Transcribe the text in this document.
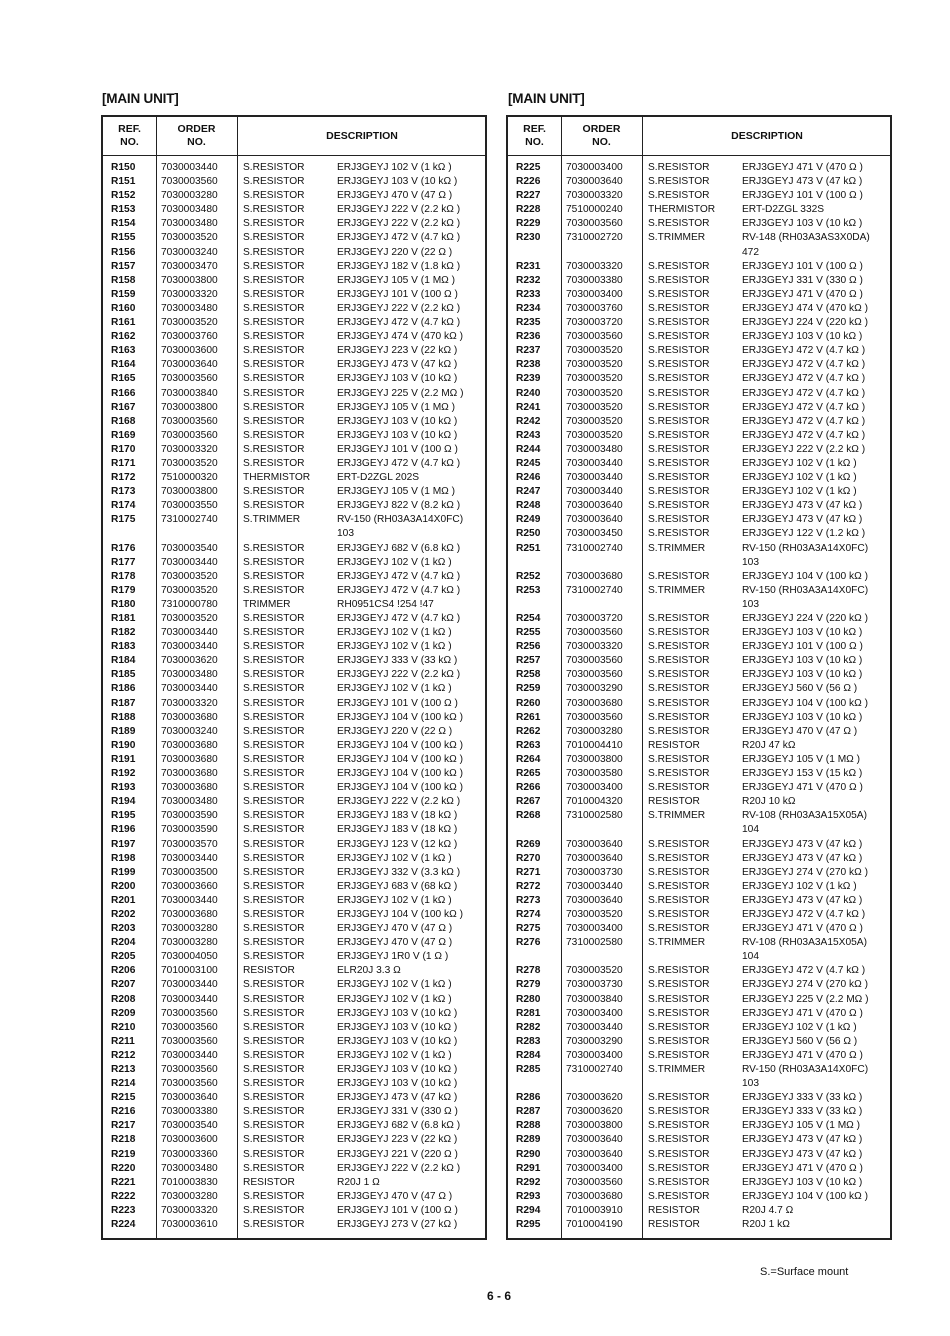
[MAIN UNIT]	[MAIN UNIT]
REF.
NO.
ORDER
NO.
DESCRIPTION
R150	7030003440 S.RESISTOR	ERJ3GEYJ 102 V (1 kΩ )
R151	7030003560 S.RESISTOR	ERJ3GEYJ 103 V (10 kΩ )
R152	7030003280 S.RESISTOR	ERJ3GEYJ 470 V (47 Ω )
R153	7030003480 S.RESISTOR	ERJ3GEYJ 222 V (2.2 kΩ )
R154	7030003480 S.RESISTOR	ERJ3GEYJ 222 V (2.2 kΩ )
R155	7030003520 S.RESISTOR	ERJ3GEYJ 472 V (4.7 kΩ )
R156	7030003240 S.RESISTOR	ERJ3GEYJ 220 V (22 Ω )
R157	7030003470 S.RESISTOR	ERJ3GEYJ 182 V (1.8 kΩ )
R158	7030003800 S.RESISTOR	ERJ3GEYJ 105 V (1 MΩ )
R159	7030003320 S.RESISTOR	ERJ3GEYJ 101 V (100 Ω )
R160	7030003480 S.RESISTOR	ERJ3GEYJ 222 V (2.2 kΩ )
R161	7030003520 S.RESISTOR	ERJ3GEYJ 472 V (4.7 kΩ )
R162	7030003760 S.RESISTOR	ERJ3GEYJ 474 V (470 kΩ )
R163	7030003600 S.RESISTOR	ERJ3GEYJ 223 V (22 kΩ )
R164	7030003640 S.RESISTOR	ERJ3GEYJ 473 V (47 kΩ )
R165	7030003560 S.RESISTOR	ERJ3GEYJ 103 V (10 kΩ )
R166	7030003840 S.RESISTOR	ERJ3GEYJ 225 V (2.2 MΩ )
R167	7030003800 S.RESISTOR	ERJ3GEYJ 105 V (1 MΩ )
R168	7030003560 S.RESISTOR	ERJ3GEYJ 103 V (10 kΩ )
R169	7030003560 S.RESISTOR	ERJ3GEYJ 103 V (10 kΩ )
R170	7030003320 S.RESISTOR	ERJ3GEYJ 101 V (100 Ω )
R171	7030003520 S.RESISTOR	ERJ3GEYJ 472 V (4.7 kΩ )
R172	7510000320 THERMISTOR	ERT-D2ZGL 202S
R173	7030003800 S.RESISTOR	ERJ3GEYJ 105 V (1 MΩ )
R174	7030003550 S.RESISTOR	ERJ3GEYJ 822 V (8.2 kΩ )
R175	7310002740 S.TRIMMER	RV-150 (RH03A3A14X0FC)
103
R176	7030003540 S.RESISTOR	ERJ3GEYJ 682 V (6.8 kΩ )
R177	7030003440 S.RESISTOR	ERJ3GEYJ 102 V (1 kΩ )
R178	7030003520 S.RESISTOR	ERJ3GEYJ 472 V (4.7 kΩ )
R179	7030003520 S.RESISTOR	ERJ3GEYJ 472 V (4.7 kΩ )
R180	7310000780 TRIMMER	RH0951CS4 !254 !47
R181	7030003520 S.RESISTOR	ERJ3GEYJ 472 V (4.7 kΩ )
R182	7030003440 S.RESISTOR	ERJ3GEYJ 102 V (1 kΩ )
R183	7030003440 S.RESISTOR	ERJ3GEYJ 102 V (1 kΩ )
R184	7030003620 S.RESISTOR	ERJ3GEYJ 333 V (33 kΩ )
R185	7030003480 S.RESISTOR	ERJ3GEYJ 222 V (2.2 kΩ )
R186	7030003440 S.RESISTOR	ERJ3GEYJ 102 V (1 kΩ )
R187	7030003320 S.RESISTOR	ERJ3GEYJ 101 V (100 Ω )
R188	7030003680 S.RESISTOR	ERJ3GEYJ 104 V (100 kΩ )
R189	7030003240 S.RESISTOR	ERJ3GEYJ 220 V (22 Ω )
R190	7030003680 S.RESISTOR	ERJ3GEYJ 104 V (100 kΩ )
R191	7030003680 S.RESISTOR	ERJ3GEYJ 104 V (100 kΩ )
R192	7030003680 S.RESISTOR	ERJ3GEYJ 104 V (100 kΩ )
R193	7030003680 S.RESISTOR	ERJ3GEYJ 104 V (100 kΩ )
R194	7030003480 S.RESISTOR	ERJ3GEYJ 222 V (2.2 kΩ )
R195	7030003590 S.RESISTOR	ERJ3GEYJ 183 V (18 kΩ )
R196	7030003590 S.RESISTOR	ERJ3GEYJ 183 V (18 kΩ )
R197	7030003570 S.RESISTOR	ERJ3GEYJ 123 V (12 kΩ )
R198	7030003440 S.RESISTOR	ERJ3GEYJ 102 V (1 kΩ )
R199	7030003500 S.RESISTOR	ERJ3GEYJ 332 V (3.3 kΩ )
R200	7030003660 S.RESISTOR	ERJ3GEYJ 683 V (68 kΩ )
R201	7030003440 S.RESISTOR	ERJ3GEYJ 102 V (1 kΩ )
R202	7030003680 S.RESISTOR	ERJ3GEYJ 104 V (100 kΩ )
R203	7030003280 S.RESISTOR	ERJ3GEYJ 470 V (47 Ω )
R204	7030003280 S.RESISTOR	ERJ3GEYJ 470 V (47 Ω )
R205	7030004050 S.RESISTOR	ERJ3GEYJ 1R0 V (1 Ω )
R206	7010003100 RESISTOR	ELR20J 3.3 Ω
R207	7030003440 S.RESISTOR	ERJ3GEYJ 102 V (1 kΩ )
R208	7030003440 S.RESISTOR	ERJ3GEYJ 102 V (1 kΩ )
R209	7030003560 S.RESISTOR	ERJ3GEYJ 103 V (10 kΩ )
R210	7030003560 S.RESISTOR	ERJ3GEYJ 103 V (10 kΩ )
R211	7030003560 S.RESISTOR	ERJ3GEYJ 103 V (10 kΩ )
R212	7030003440 S.RESISTOR	ERJ3GEYJ 102 V (1 kΩ )
R213	7030003560 S.RESISTOR	ERJ3GEYJ 103 V (10 kΩ )
R214	7030003560 S.RESISTOR	ERJ3GEYJ 103 V (10 kΩ )
R215	7030003640 S.RESISTOR	ERJ3GEYJ 473 V (47 kΩ )
R216	7030003380 S.RESISTOR	ERJ3GEYJ 331 V (330 Ω )
R217	7030003540 S.RESISTOR	ERJ3GEYJ 682 V (6.8 kΩ )
R218	7030003600 S.RESISTOR	ERJ3GEYJ 223 V (22 kΩ )
R219	7030003360 S.RESISTOR	ERJ3GEYJ 221 V (220 Ω )
R220	7030003480 S.RESISTOR	ERJ3GEYJ 222 V (2.2 kΩ )
R221	7010003830 RESISTOR	R20J 1 Ω
R222	7030003280 S.RESISTOR	ERJ3GEYJ 470 V (47 Ω )
R223	7030003320 S.RESISTOR	ERJ3GEYJ 101 V (100 Ω )
R224	7030003610 S.RESISTOR	ERJ3GEYJ 273 V (27 kΩ )
REF.
NO.
ORDER
NO.
DESCRIPTION
R225	7030003400 S.RESISTOR	ERJ3GEYJ 471 V (470 Ω )
R226	7030003640 S.RESISTOR	ERJ3GEYJ 473 V (47 kΩ )
R227	7030003320 S.RESISTOR	ERJ3GEYJ 101 V (100 Ω )
R228	7510000240 THERMISTOR	ERT-D2ZGL 332S
R229	7030003560 S.RESISTOR	ERJ3GEYJ 103 V (10 kΩ )
R230	7310002720 S.TRIMMER	RV-148 (RH03A3AS3X0DA)
472
R231	7030003320 S.RESISTOR	ERJ3GEYJ 101 V (100 Ω )
R232	7030003380 S.RESISTOR	ERJ3GEYJ 331 V (330 Ω )
R233	7030003400 S.RESISTOR	ERJ3GEYJ 471 V (470 Ω )
R234	7030003760 S.RESISTOR	ERJ3GEYJ 474 V (470 kΩ )
R235	7030003720 S.RESISTOR	ERJ3GEYJ 224 V (220 kΩ )
R236	7030003560 S.RESISTOR	ERJ3GEYJ 103 V (10 kΩ )
R237	7030003520 S.RESISTOR	ERJ3GEYJ 472 V (4.7 kΩ )
R238	7030003520 S.RESISTOR	ERJ3GEYJ 472 V (4.7 kΩ )
R239	7030003520 S.RESISTOR	ERJ3GEYJ 472 V (4.7 kΩ )
R240	7030003520 S.RESISTOR	ERJ3GEYJ 472 V (4.7 kΩ )
R241	7030003520 S.RESISTOR	ERJ3GEYJ 472 V (4.7 kΩ )
R242	7030003520 S.RESISTOR	ERJ3GEYJ 472 V (4.7 kΩ )
R243	7030003520 S.RESISTOR	ERJ3GEYJ 472 V (4.7 kΩ )
R244	7030003480 S.RESISTOR	ERJ3GEYJ 222 V (2.2 kΩ )
R245	7030003440 S.RESISTOR	ERJ3GEYJ 102 V (1 kΩ )
R246	7030003440 S.RESISTOR	ERJ3GEYJ 102 V (1 kΩ )
R247	7030003440 S.RESISTOR	ERJ3GEYJ 102 V (1 kΩ )
R248	7030003640 S.RESISTOR	ERJ3GEYJ 473 V (47 kΩ )
R249	7030003640 S.RESISTOR	ERJ3GEYJ 473 V (47 kΩ )
R250	7030003450 S.RESISTOR	ERJ3GEYJ 122 V (1.2 kΩ )
R251	7310002740 S.TRIMMER	RV-150 (RH03A3A14X0FC)
103
R252	7030003680 S.RESISTOR	ERJ3GEYJ 104 V (100 kΩ )
R253	7310002740 S.TRIMMER	RV-150 (RH03A3A14X0FC)
103
R254	7030003720 S.RESISTOR	ERJ3GEYJ 224 V (220 kΩ )
R255	7030003560 S.RESISTOR	ERJ3GEYJ 103 V (10 kΩ )
R256	7030003320 S.RESISTOR	ERJ3GEYJ 101 V (100 Ω )
R257	7030003560 S.RESISTOR	ERJ3GEYJ 103 V (10 kΩ )
R258	7030003560 S.RESISTOR	ERJ3GEYJ 103 V (10 kΩ )
R259	7030003290 S.RESISTOR	ERJ3GEYJ 560 V (56 Ω )
R260	7030003680 S.RESISTOR	ERJ3GEYJ 104 V (100 kΩ )
R261	7030003560 S.RESISTOR	ERJ3GEYJ 103 V (10 kΩ )
R262	7030003280 S.RESISTOR	ERJ3GEYJ 470 V (47 Ω )
R263	7010004410 RESISTOR	R20J 47 kΩ
R264	7030003800 S.RESISTOR	ERJ3GEYJ 105 V (1 MΩ )
R265	7030003580 S.RESISTOR	ERJ3GEYJ 153 V (15 kΩ )
R266	7030003400 S.RESISTOR	ERJ3GEYJ 471 V (470 Ω )
R267	7010004320 RESISTOR	R20J 10 kΩ
R268	7310002580 S.TRIMMER	RV-108 (RH03A3A15X05A)
104
R269	7030003640 S.RESISTOR	ERJ3GEYJ 473 V (47 kΩ )
R270	7030003640 S.RESISTOR	ERJ3GEYJ 473 V (47 kΩ )
R271	7030003730 S.RESISTOR	ERJ3GEYJ 274 V (270 kΩ )
R272	7030003440 S.RESISTOR	ERJ3GEYJ 102 V (1 kΩ )
R273	7030003640 S.RESISTOR	ERJ3GEYJ 473 V (47 kΩ )
R274	7030003520 S.RESISTOR	ERJ3GEYJ 472 V (4.7 kΩ )
R275	7030003400 S.RESISTOR	ERJ3GEYJ 471 V (470 Ω )
R276	7310002580 S.TRIMMER	RV-108 (RH03A3A15X05A)
104
R278	7030003520 S.RESISTOR	ERJ3GEYJ 472 V (4.7 kΩ )
R279	7030003730 S.RESISTOR	ERJ3GEYJ 274 V (270 kΩ )
R280	7030003840 S.RESISTOR	ERJ3GEYJ 225 V (2.2 MΩ )
R281	7030003400 S.RESISTOR	ERJ3GEYJ 471 V (470 Ω )
R282	7030003440 S.RESISTOR	ERJ3GEYJ 102 V (1 kΩ )
R283	7030003290 S.RESISTOR	ERJ3GEYJ 560 V (56 Ω )
R284	7030003400 S.RESISTOR	ERJ3GEYJ 471 V (470 Ω )
R285	7310002740 S.TRIMMER	RV-150 (RH03A3A14X0FC)
103
R286	7030003620 S.RESISTOR	ERJ3GEYJ 333 V (33 kΩ )
R287	7030003620 S.RESISTOR	ERJ3GEYJ 333 V (33 kΩ )
R288	7030003800 S.RESISTOR	ERJ3GEYJ 105 V (1 MΩ )
R289	7030003640 S.RESISTOR	ERJ3GEYJ 473 V (47 kΩ )
R290	7030003640 S.RESISTOR	ERJ3GEYJ 473 V (47 kΩ )
R291	7030003400 S.RESISTOR	ERJ3GEYJ 471 V (470 Ω )
R292	7030003560 S.RESISTOR	ERJ3GEYJ 103 V (10 kΩ )
R293	7030003680 S.RESISTOR	ERJ3GEYJ 104 V (100 kΩ )
R294	7010003910 RESISTOR	R20J 4.7 Ω
R295	7010004190 RESISTOR	R20J 1 kΩ
S.=Surface mount
6 - 6
